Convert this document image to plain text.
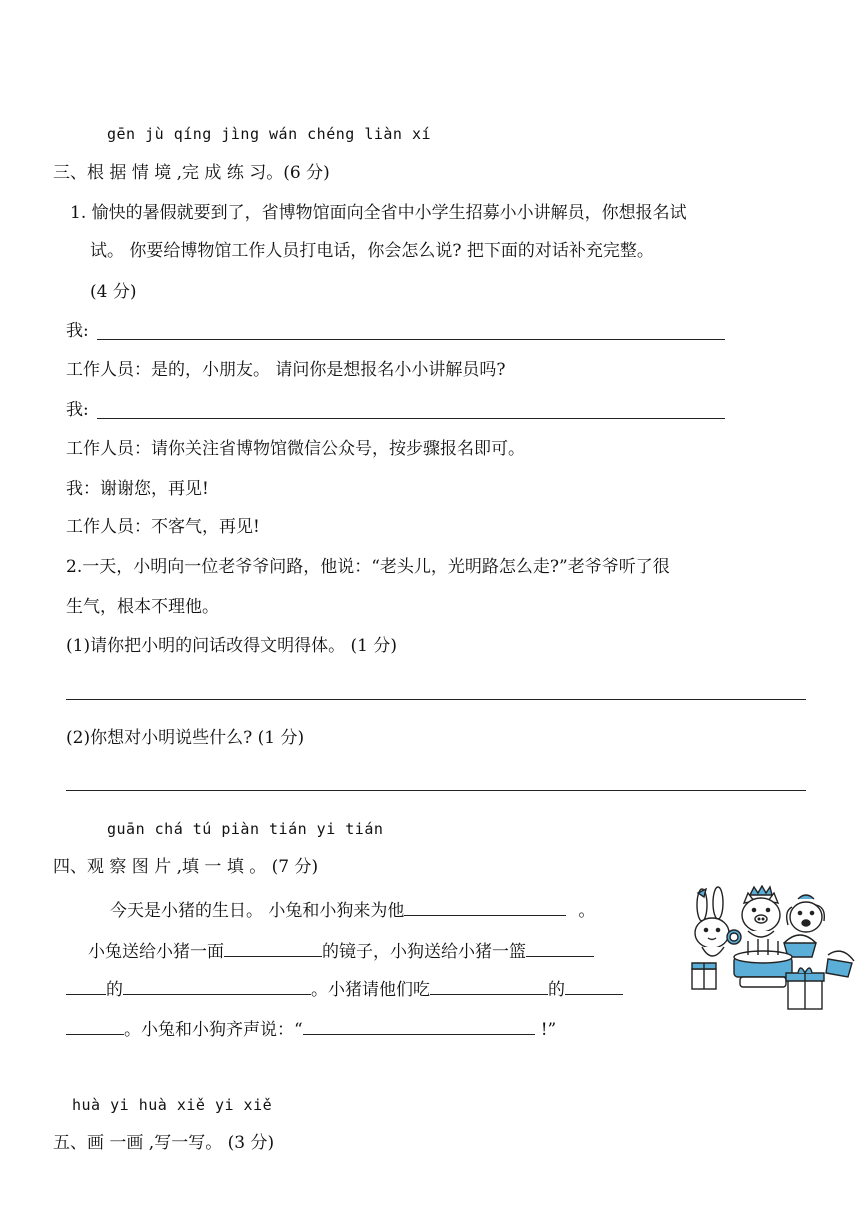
gēn jù qíng jìng wán chéng liàn xí
三、根 据 情 境 ,完 成 练 习。(6 分)
1. 愉快的暑假就要到了，省博物馆面向全省中小学生招募小小讲解员，你想报名试
试。 你要给博物馆工作人员打电话，你会怎么说? 把下面的对话补充完整。
(4 分)
我:
工作人员：是的，小朋友。 请问你是想报名小小讲解员吗?
我:
工作人员：请你关注省博物馆微信公众号，按步骤报名即可。
我：谢谢您，再见!
工作人员：不客气，再见!
2.一天，小明向一位老爷爷问路，他说：“老头儿，光明路怎么走?”老爷爷听了很
生气，根本不理他。
(1)请你把小明的问话改得文明得体。 (1 分)
(2)你想对小明说些什么? (1 分)
guān chá tú piàn tián yi tián
四、观 察 图 片 ,填 一 填 。 (7 分)
今天是小猪的生日。 小兔和小狗来为他	。
小兔送给小猪一面	的镜子，小狗送给小猪一篮
的	。小猪请他们吃	的
。小兔和小狗齐声说：“	!”
huà yi huà xiě yi xiě
五、画 一画 ,写一写。 (3 分)
